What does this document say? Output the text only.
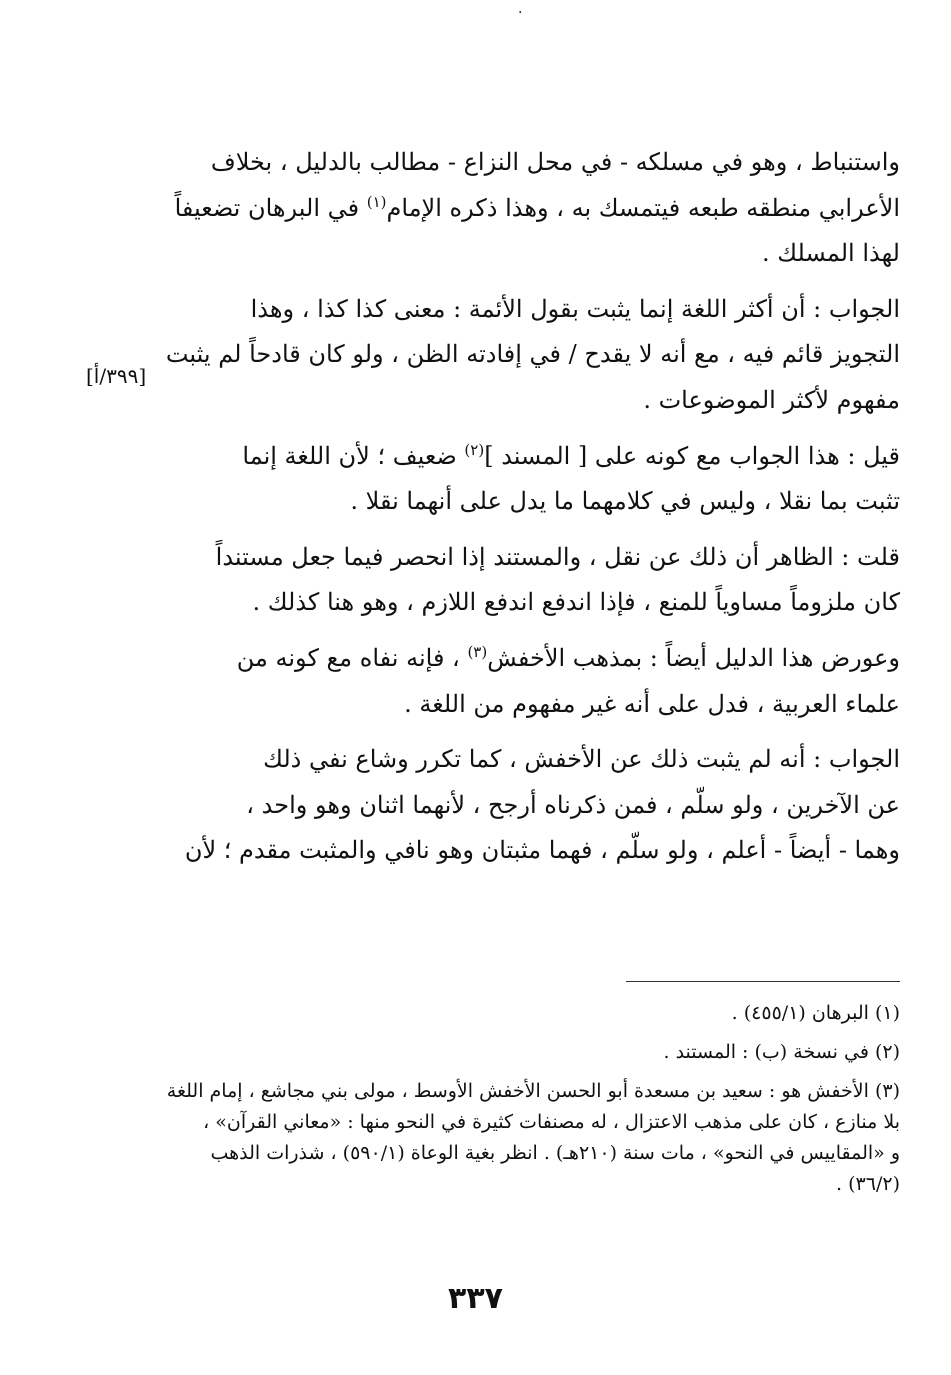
.
[٣٩٩/أ]
واستنباط ، وهو في مسلكه - في محل النزاع - مطالب بالدليل ، بخلاف
الأعرابي منطقه طبعه فيتمسك به ، وهذا ذكره الإمام$^{(١)}$ في البرهان تضعيفاً
لهذا المسلك .
الجواب : أن أكثر اللغة إنما يثبت بقول الأئمة : معنى كذا كذا ، وهذا
التجويز قائم فيه ، مع أنه لا يقدح / في إفادته الظن ، ولو كان قادحاً لم يثبت
مفهوم لأكثر الموضوعات .
قيل : هذا الجواب مع كونه على [ المسند ]$^{(٢)}$ ضعيف ؛ لأن اللغة إنما
تثبت بما نقلا ، وليس في كلامهما ما يدل على أنهما نقلا .
قلت : الظاهر أن ذلك عن نقل ، والمستند إذا انحصر فيما جعل مستنداً
كان ملزوماً مساوياً للمنع ، فإذا اندفع اندفع اللازم ، وهو هنا كذلك .
وعورض هذا الدليل أيضاً : بمذهب الأخفش$^{(٣)}$ ، فإنه نفاه مع كونه من
علماء العربية ، فدل على أنه غير مفهوم من اللغة .
الجواب : أنه لم يثبت ذلك عن الأخفش ، كما تكرر وشاع نفي ذلك
عن الآخرين ، ولو سلّم ، فمن ذكرناه أرجح ، لأنهما اثنان وهو واحد ،
وهما - أيضاً - أعلم ، ولو سلّم ، فهما مثبتان وهو نافي والمثبت مقدم ؛ لأن
(١) البرهان (٤٥٥/١) .
(٢) في نسخة (ب) : المستند .
(٣) الأخفش هو : سعيد بن مسعدة أبو الحسن الأخفش الأوسط ، مولى بني مجاشع ، إمام اللغة
بلا منازع ، كان على مذهب الاعتزال ، له مصنفات كثيرة في النحو منها : «معاني القرآن» ،
و «المقاييس في النحو» ، مات سنة (٢١٠هـ) . انظر بغية الوعاة (٥٩٠/١) ، شذرات الذهب
(٣٦/٢) .
٣٣٧
